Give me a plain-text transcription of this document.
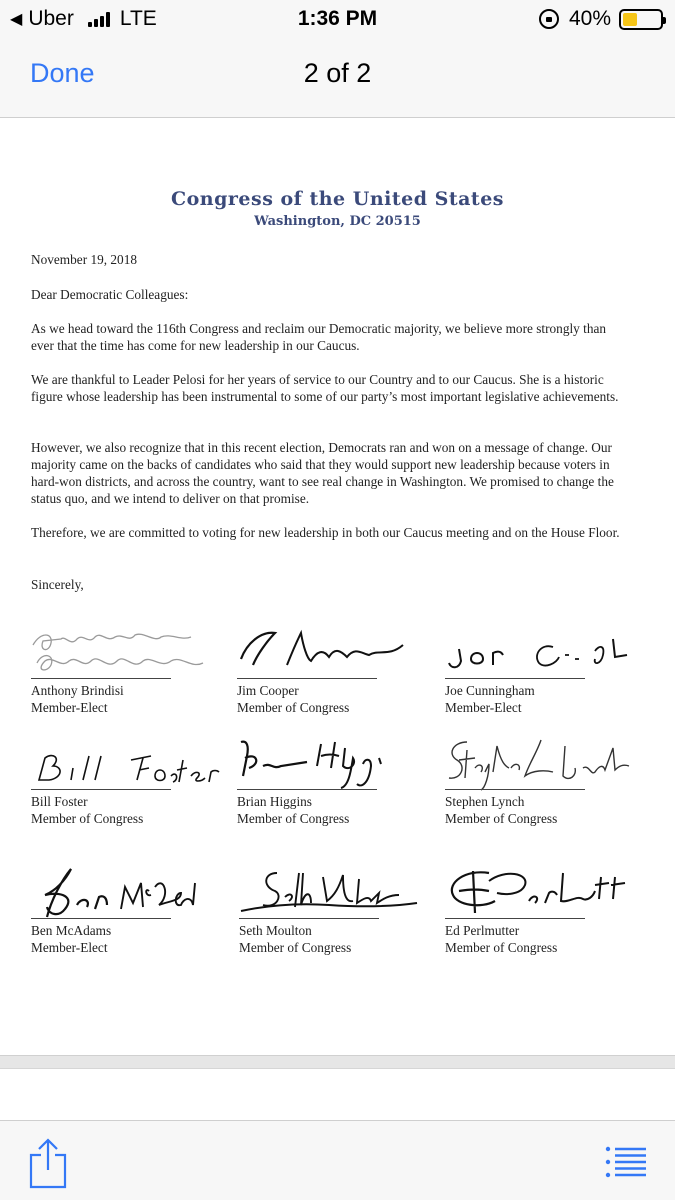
◀ Uber LTE	1:36 PM	40%
Done	2 of 2
Congress of the United States
Washington, DC 20515
November 19, 2018
Dear Democratic Colleagues:
As we head toward the 116th Congress and reclaim our Democratic majority, we believe more strongly than ever that the time has come for new leadership in our Caucus.
We are thankful to Leader Pelosi for her years of service to our Country and to our Caucus. She is a historic figure whose leadership has been instrumental to some of our party’s most important legislative achievements.
However, we also recognize that in this recent election, Democrats ran and won on a message of change. Our majority came on the backs of candidates who said that they would support new leadership because voters in hard-won districts, and across the country, want to see real change in Washington. We promised to change the status quo, and we intend to deliver on that promise.
Therefore, we are committed to voting for new leadership in both our Caucus meeting and on the House Floor.
Sincerely,
Anthony Brindisi
Member-Elect
Jim Cooper
Member of Congress
Joe Cunningham
Member-Elect
Bill Foster
Member of Congress
Brian Higgins
Member of Congress
Stephen Lynch
Member of Congress
Ben McAdams
Member-Elect
Seth Moulton
Member of Congress
Ed Perlmutter
Member of Congress
